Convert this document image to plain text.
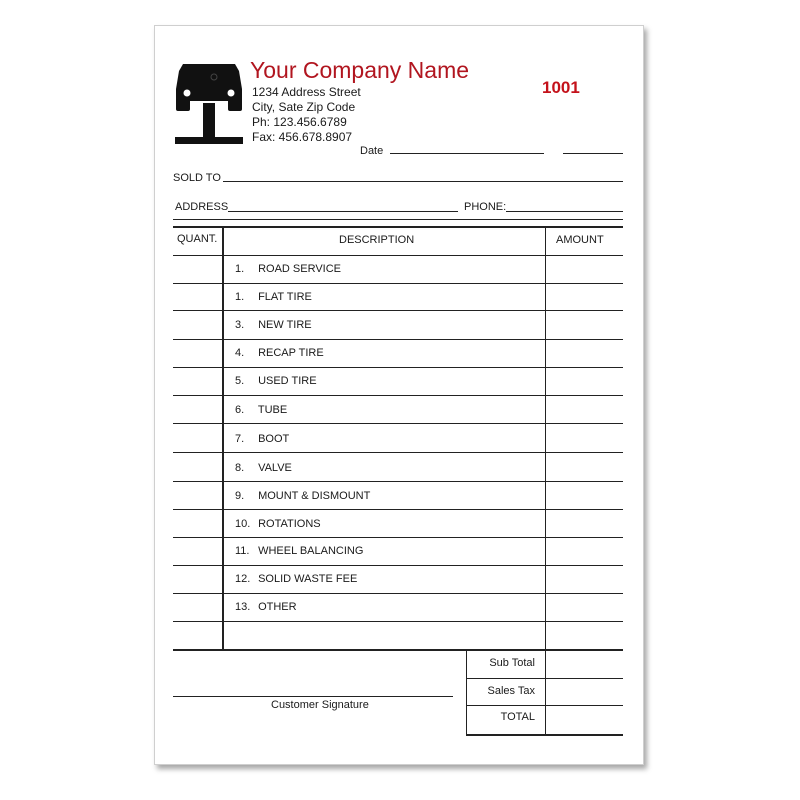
Your Company Name
1234 Address Street
City, Sate Zip Code
Ph: 123.456.6789
Fax: 456.678.8907
1001
Date
SOLD TO
ADDRESS	PHONE:
QUANT.	DESCRIPTION	AMOUNT
1. ROAD SERVICE
1. FLAT TIRE
3. NEW TIRE
4. RECAP TIRE
5. USED TIRE
6. TUBE
7. BOOT
8. VALVE
9. MOUNT & DISMOUNT
10. ROTATIONS
11. WHEEL BALANCING
12. SOLID WASTE FEE
13. OTHER
Sub Total
Sales Tax
TOTAL
Customer Signature
